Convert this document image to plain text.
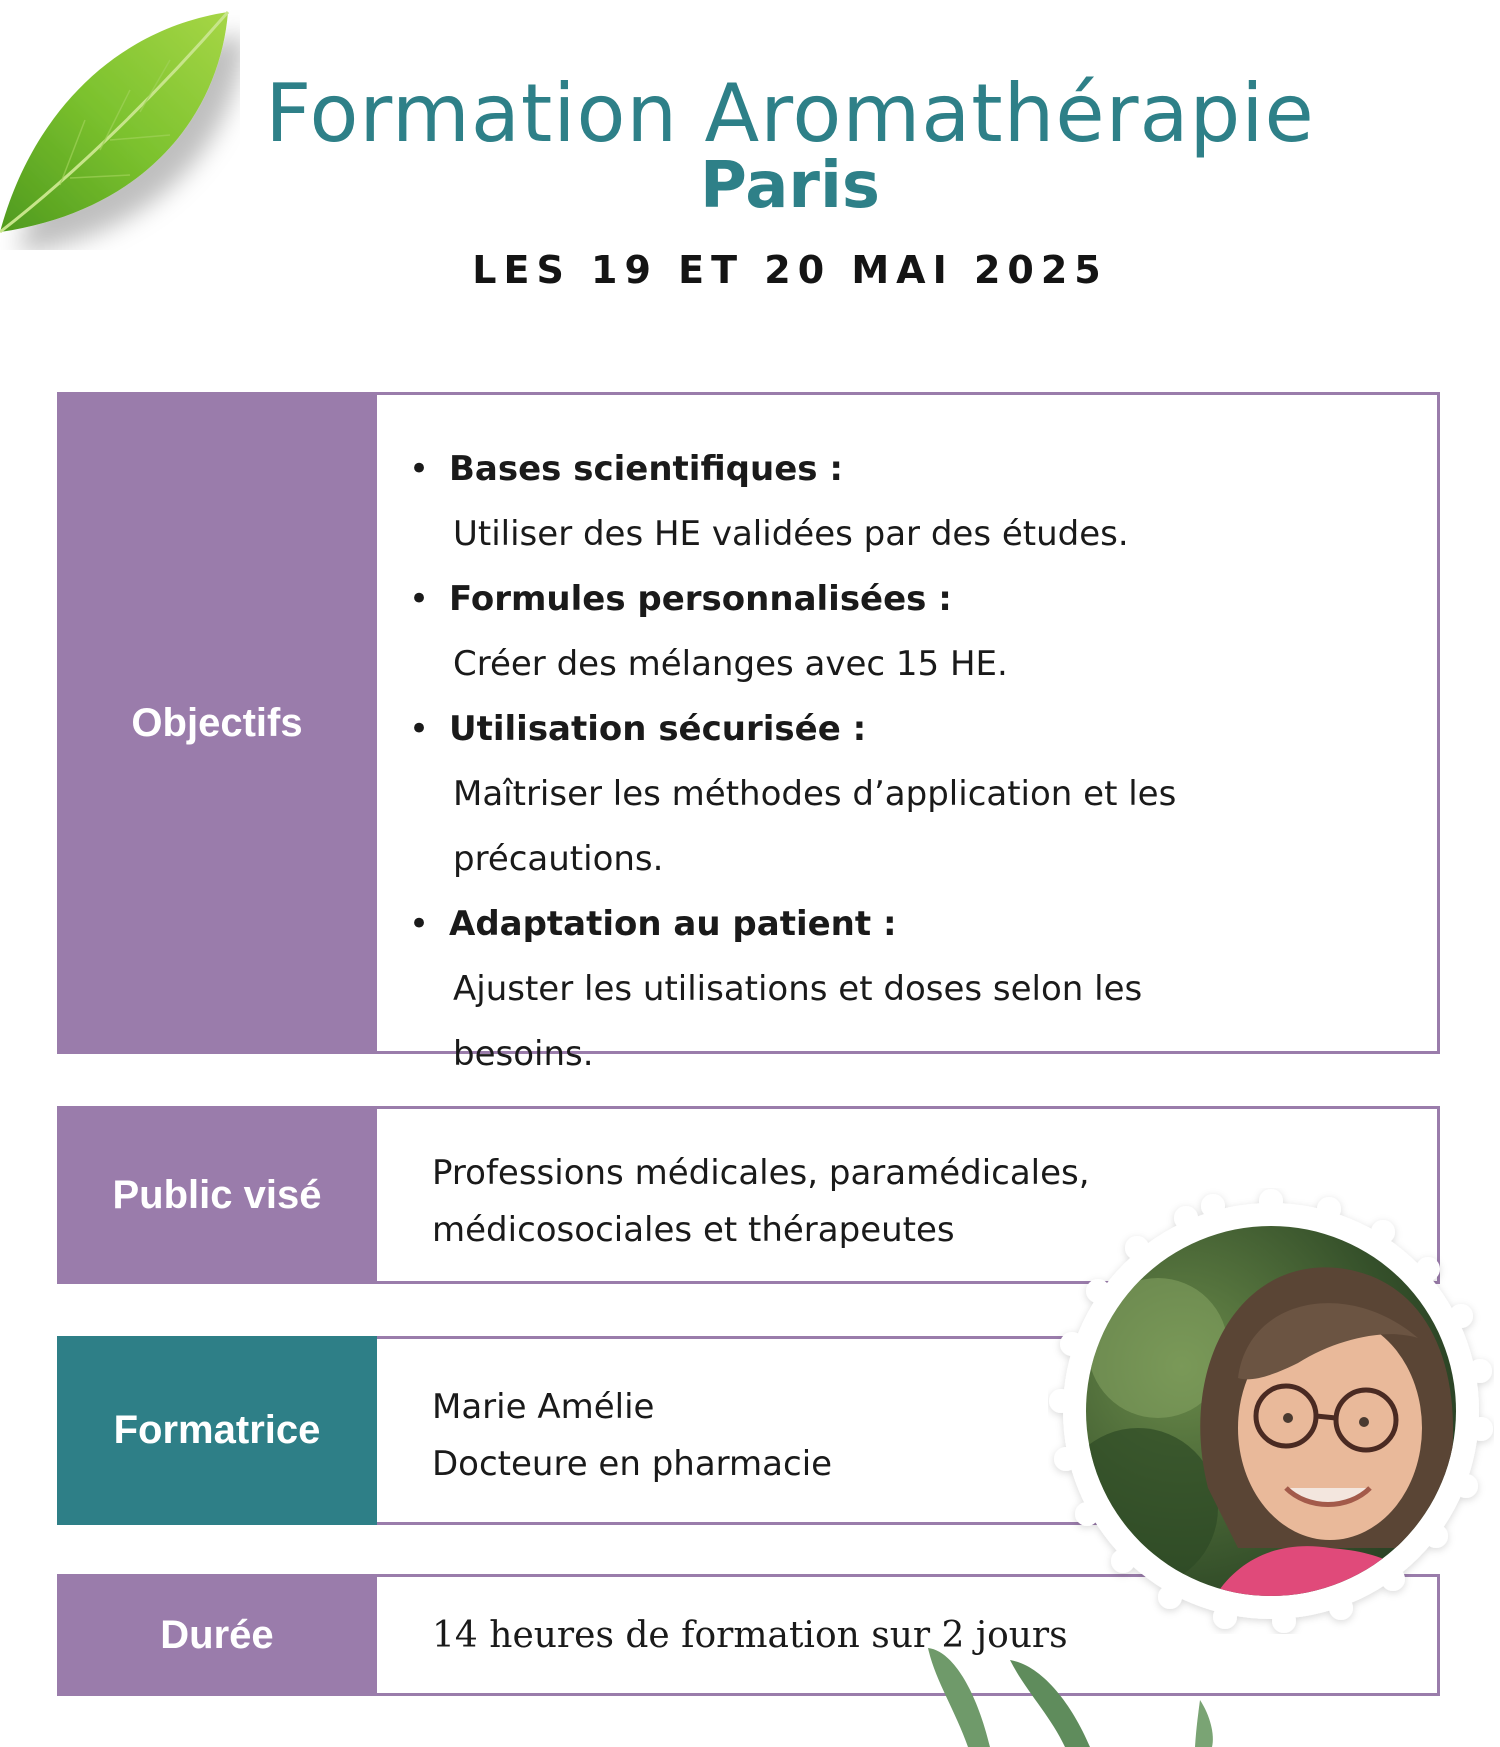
Formation Aromathérapie
Paris
LES 19 ET 20 MAI 2025
Objectifs
• Bases scientifiques :
Utiliser des HE validées par des études.
• Formules personnalisées :
Créer des mélanges avec 15 HE.
• Utilisation sécurisée :
Maîtriser les méthodes d’application et les précautions.
• Adaptation au patient :
Ajuster les utilisations et doses selon les besoins.
Public visé	Professions médicales, paramédicales,
médicosociales et thérapeutes
Formatrice
Marie Amélie
Docteure en pharmacie
Durée	14 heures de formation sur 2 jours
